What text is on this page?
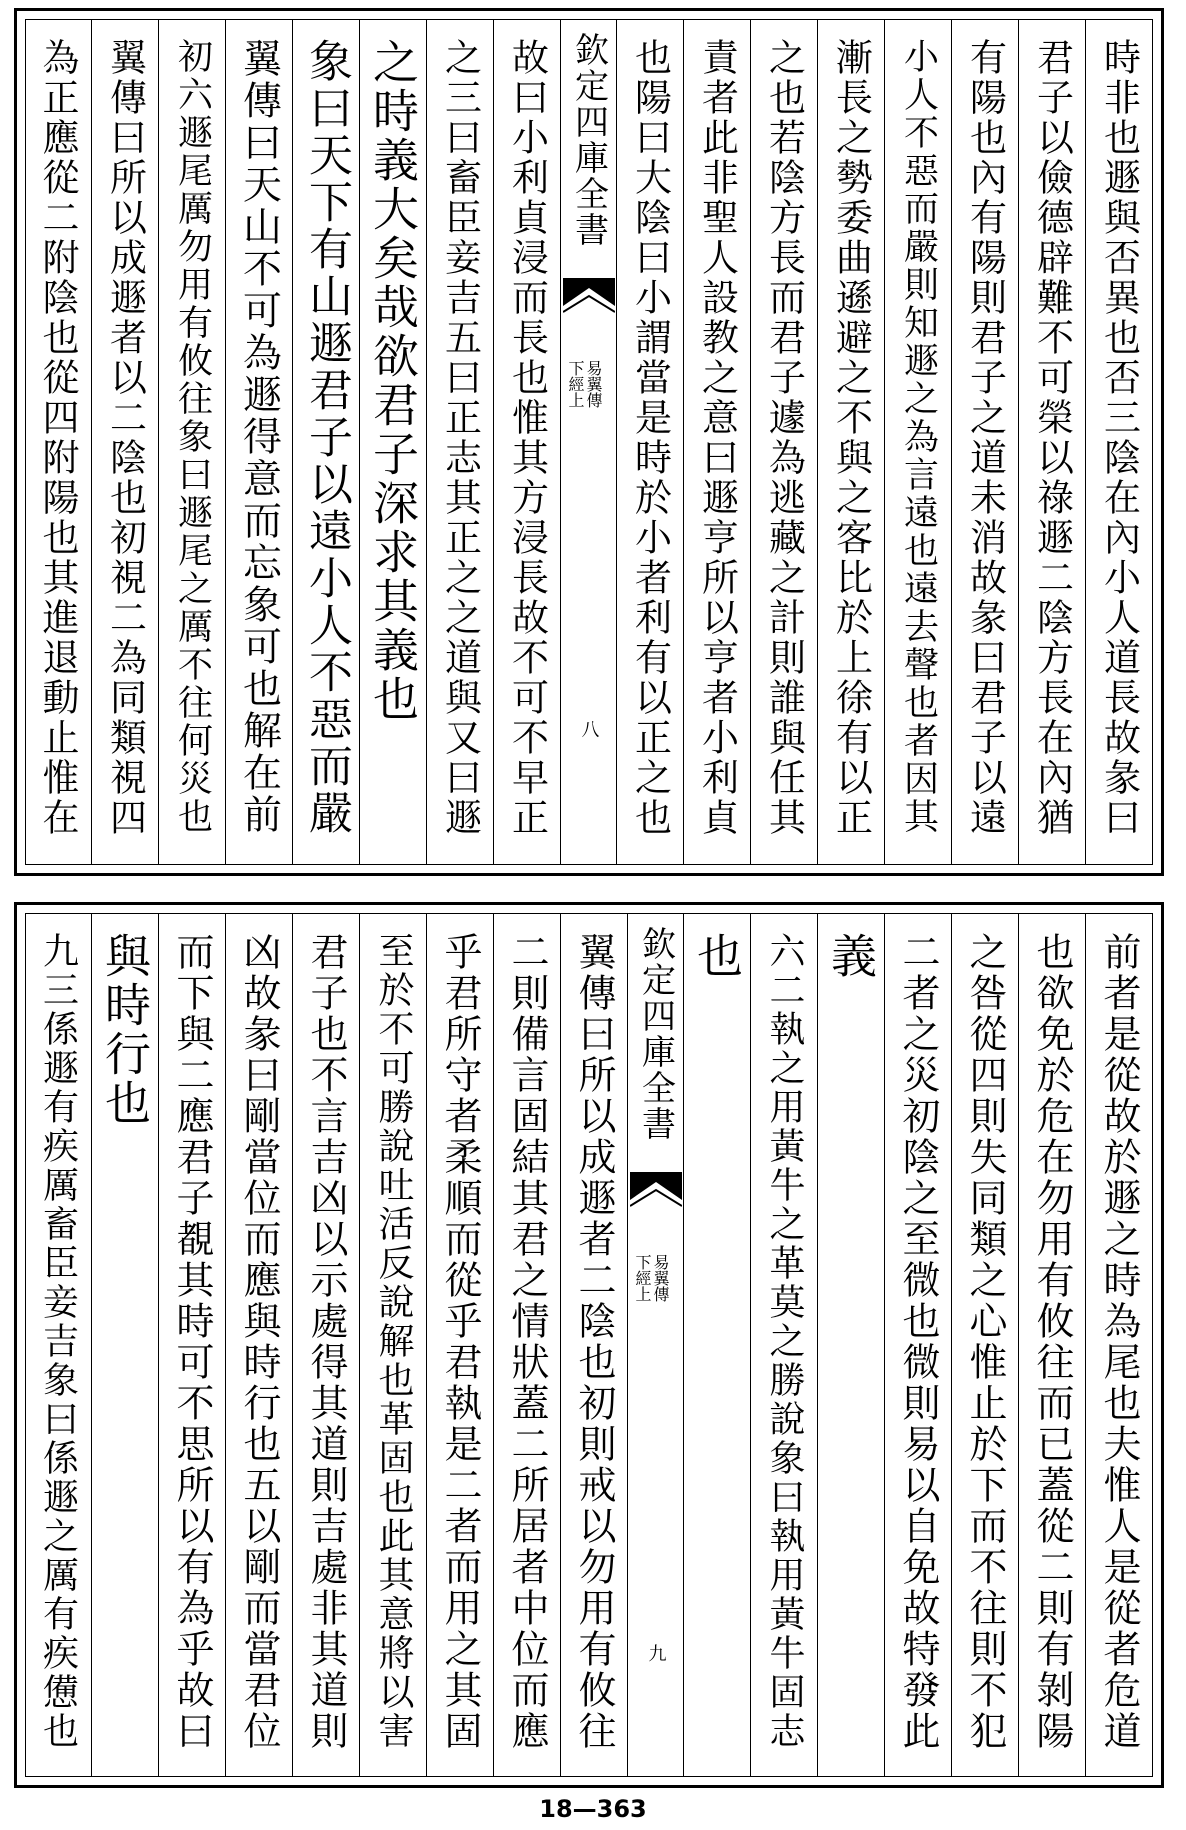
時非也遯與否異也否三陰在內小人道長故彖曰
君子以儉德辟難不可榮以祿遯二陰方長在內猶
有陽也內有陽則君子之道未消故彖曰君子以遠
小人不惡而嚴則知遯之為言遠也遠去聲也者因其
漸長之勢委曲遜避之不與之客比於上徐有以正
之也若陰方長而君子遽為逃藏之計則誰與任其
責者此非聖人設教之意曰遯亨所以亨者小利貞
也陽曰大陰曰小謂當是時於小者利有以正之也
欽定四庫全書
易翼傳
下經上
八
故曰小利貞浸而長也惟其方浸長故不可不早正
之三曰畜臣妾吉五曰正志其正之之道與又曰遯
之時義大矣哉欲君子深求其義也
象曰天下有山遯君子以遠小人不惡而嚴
翼傳曰天山不可為遯得意而忘象可也解在前
初六遯尾厲勿用有攸往象曰遯尾之厲不往何災也
翼傳曰所以成遯者以二陰也初視二為同類視四
為正應從二附陰也從四附陽也其進退動止惟在
前者是從故於遯之時為尾也夫惟人是從者危道
也欲免於危在勿用有攸往而已蓋從二則有剝陽
之咎從四則失同類之心惟止於下而不往則不犯
二者之災初陰之至微也微則易以自免故特發此
義
六二執之用黃牛之革莫之勝說象曰執用黃牛固志
也
欽定四庫全書
易翼傳
下經上
九
翼傳曰所以成遯者二陰也初則戒以勿用有攸往
二則備言固結其君之情狀蓋二所居者中位而應
乎君所守者柔順而從乎君執是二者而用之其固
至於不可勝說吐活反說解也革固也此其意將以害
君子也不言吉凶以示處得其道則吉處非其道則
凶故彖曰剛當位而應與時行也五以剛而當君位
而下與二應君子覩其時可不思所以有為乎故曰
與時行也
九三係遯有疾厲畜臣妾吉象曰係遯之厲有疾憊也
18—363
